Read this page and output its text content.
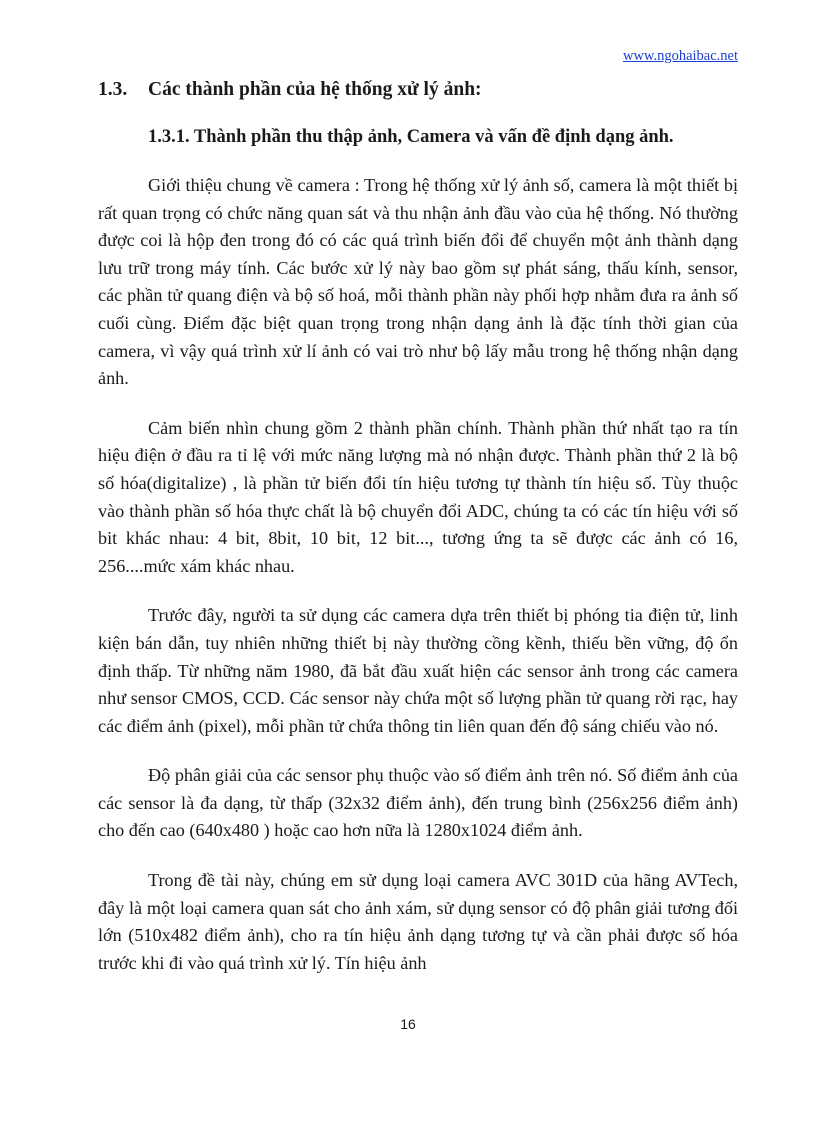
www.ngohaibac.net
1.3. Các thành phần của hệ thống xử lý ảnh:
1.3.1. Thành phần thu thập ảnh, Camera và vấn đề định dạng ảnh.

Giới thiệu chung về camera : Trong hệ thống xử lý ảnh số, camera là một thiết bị rất quan trọng có chức năng quan sát và thu nhận ảnh đầu vào của hệ thống. Nó thường được coi là hộp đen trong đó có các quá trình biến đổi để chuyển một ảnh thành dạng lưu trữ trong máy tính. Các bước xử lý này bao gồm sự phát sáng, thấu kính, sensor, các phần tử quang điện và bộ số hoá, mỗi thành phần này phối hợp nhằm đưa ra ảnh số cuối cùng. Điểm đặc biệt quan trọng trong nhận dạng ảnh là đặc tính thời gian của camera, vì vậy quá trình xử lí ảnh có vai trò như bộ lấy mẫu trong hệ thống nhận dạng ảnh.

Cảm biến nhìn chung gồm 2 thành phần chính. Thành phần thứ nhất tạo ra tín hiệu điện ở đầu ra tỉ lệ với mức năng lượng mà nó nhận được. Thành phần thứ 2 là bộ số hóa(digitalize) , là phần tử biến đổi tín hiệu tương tự thành tín hiệu số. Tùy thuộc vào thành phần số hóa thực chất là bộ chuyển đổi ADC, chúng ta có các tín hiệu với số bit khác nhau: 4 bit, 8bit, 10 bit, 12 bit..., tương ứng ta sẽ được các ảnh có 16, 256....mức xám khác nhau.

Trước đây, người ta sử dụng các camera dựa trên thiết bị phóng tia điện tử, linh kiện bán dẫn, tuy nhiên những thiết bị này thường cồng kềnh, thiếu bền vững, độ ổn định thấp. Từ những năm 1980, đã bắt đầu xuất hiện các sensor ảnh trong các camera như sensor CMOS, CCD. Các sensor này chứa một số lượng phần tử quang rời rạc, hay các điểm ảnh (pixel), mỗi phần tử chứa thông tin liên quan đến độ sáng chiếu vào nó.

Độ phân giải của các sensor phụ thuộc vào số điểm ảnh trên nó. Số điểm ảnh của các sensor là đa dạng, từ thấp (32x32 điểm ảnh), đến trung bình (256x256 điểm ảnh) cho đến cao (640x480 ) hoặc cao hơn nữa là 1280x1024 điểm ảnh.

Trong đề tài này, chúng em sử dụng loại camera AVC 301D của hãng AVTech, đây là một loại camera quan sát cho ảnh xám, sử dụng sensor có độ phân giải tương đối lớn (510x482 điểm ảnh), cho ra tín hiệu ảnh dạng tương tự và cần phải được số hóa trước khi đi vào quá trình xử lý. Tín hiệu ảnh

16
